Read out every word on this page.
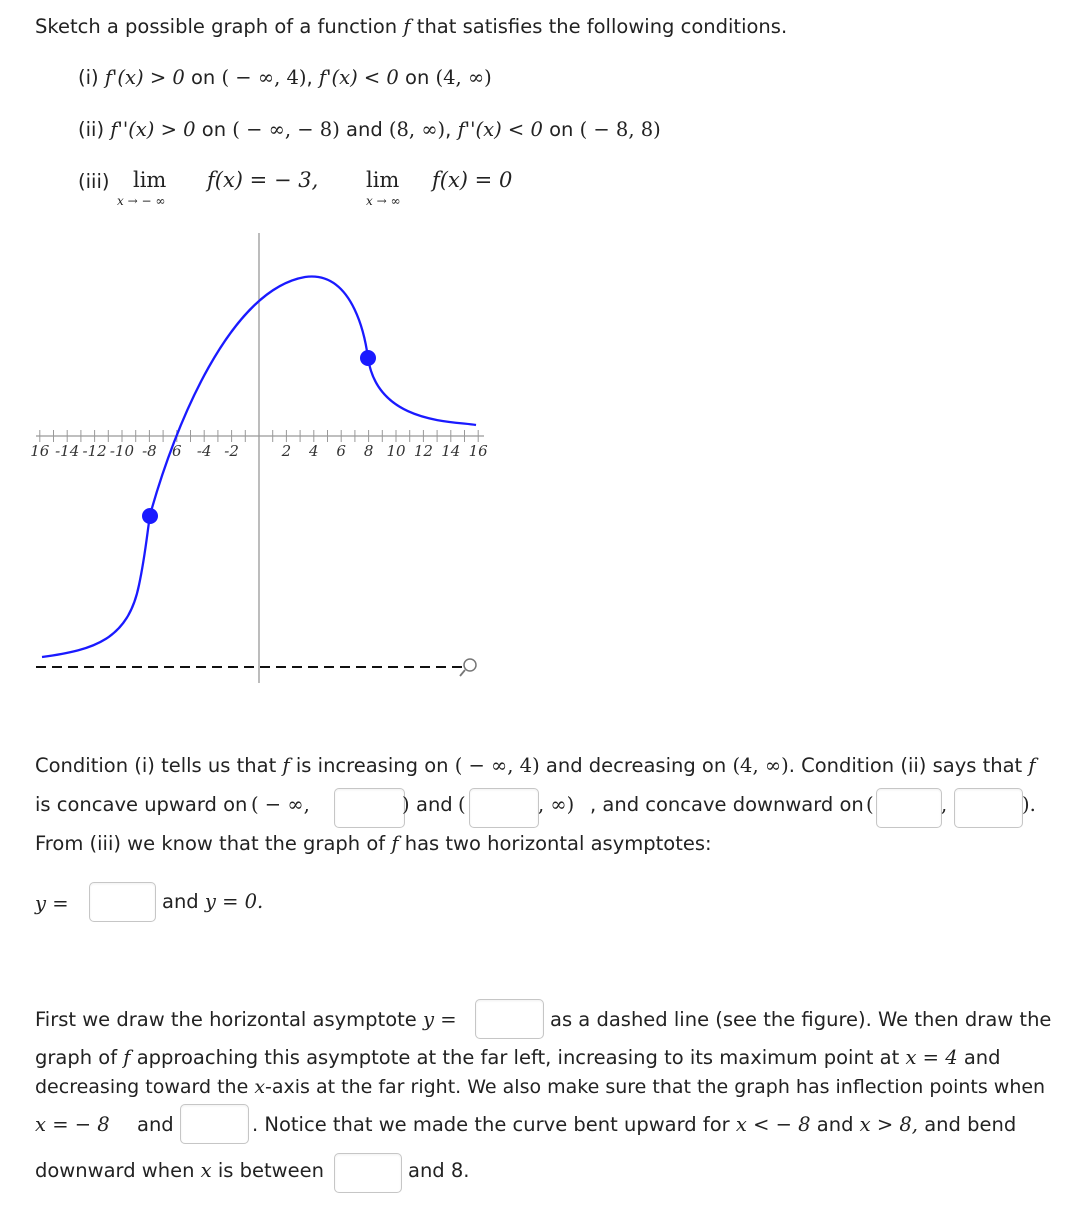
Sketch a possible graph of a function f that satisfies the following conditions.
(i) f'(x) > 0 on ( − ∞, 4), f'(x) < 0 on (4, ∞)
(ii) f''(x) > 0 on ( − ∞, − 8) and (8, ∞), f''(x) < 0 on ( − 8, 8)
(iii) lim
x → − ∞
f(x) = − 3, lim
x → ∞
f(x) = 0
16 -14 -12 -10 -8 6 -4 -2	2 4 6 8 10 12 14 16
Condition (i) tells us that f is increasing on ( − ∞, 4) and decreasing on (4, ∞). Condition (ii) says that f
is concave upward on ( − ∞,	) and (	, ∞) , and concave downward on (	,	).
From (iii) we know that the graph of f has two horizontal asymptotes:
y =	and y = 0.
First we draw the horizontal asymptote y =	as a dashed line (see the figure). We then draw the
graph of f approaching this asymptote at the far left, increasing to its maximum point at x = 4 and
decreasing toward the x-axis at the far right. We also make sure that the graph has inflection points when
x = − 8 and	. Notice that we made the curve bent upward for x < − 8 and x > 8, and bend
downward when x is between	and 8.
